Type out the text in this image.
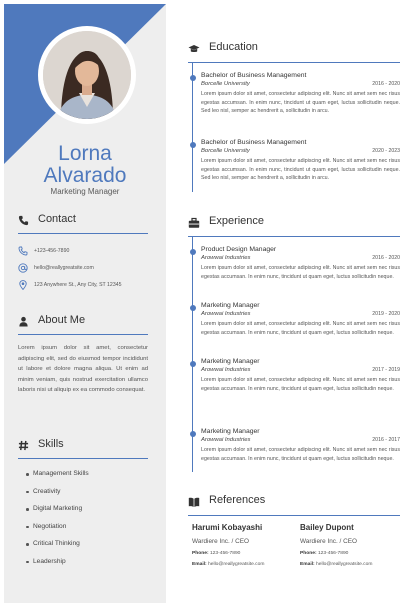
Lorna
Alvarado
Marketing Manager
Contact
+123-456-7890
hello@reallygreatsite.com
123 Anywhere St., Any City, ST 12345
About Me
Lorem ipsum dolor sit amet, consectetur adipiscing elit, sed do eiusmod tempor incididunt ut labore et dolore magna aliqua. Ut enim ad minim veniam, quis nostrud exercitation ullamco laboris nisi ut aliquip ex ea commodo consequat.
Skills
Management Skills
Creativity
Digital Marketing
Negotiation
Critical Thinking
Leadership
Education
Bachelor of Business Management
Borcelle University	2016 - 2020
Lorem ipsum dolor sit amet, consectetur adipiscing elit. Nunc sit amet sem nec risus egestas accumsan. In enim nunc, tincidunt ut quam eget, luctus sollicitudin neque. Sed leo nisl, semper ac hendrerit a, sollicitudin in arcu.
Bachelor of Business Management
Borcelle University	2020 - 2023
Lorem ipsum dolor sit amet, consectetur adipiscing elit. Nunc sit amet sem nec risus egestas accumsan. In enim nunc, tincidunt ut quam eget, luctus sollicitudin neque. Sed leo nisl, semper ac hendrerit a, sollicitudin in arcu.
Experience
Product Design Manager
Arowwai Industries	2016 - 2020
Lorem ipsum dolor sit amet, consectetur adipiscing elit. Nunc sit amet sem nec risus egestas accumsan. In enim nunc, tincidunt ut quam eget, luctus sollicitudin neque.
Marketing Manager
Arowwai Industries	2019 - 2020
Lorem ipsum dolor sit amet, consectetur adipiscing elit. Nunc sit amet sem nec risus egestas accumsan. In enim nunc, tincidunt ut quam eget, luctus sollicitudin neque.
Marketing Manager
Arowwai Industries	2017 - 2019
Lorem ipsum dolor sit amet, consectetur adipiscing elit. Nunc sit amet sem nec risus egestas accumsan. In enim nunc, tincidunt ut quam eget, luctus sollicitudin neque.
Marketing Manager
Arowwai Industries	2016 - 2017
Lorem ipsum dolor sit amet, consectetur adipiscing elit. Nunc sit amet sem nec risus egestas accumsan. In enim nunc, tincidunt ut quam eget, luctus sollicitudin neque.
References
Harumi Kobayashi
Wardiere Inc. / CEO
Phone: 123-456-7890
Email: hello@reallygreatsite.com
Bailey Dupont
Wardiere Inc. / CEO
Phone: 123-456-7890
Email: hello@reallygreatsite.com
